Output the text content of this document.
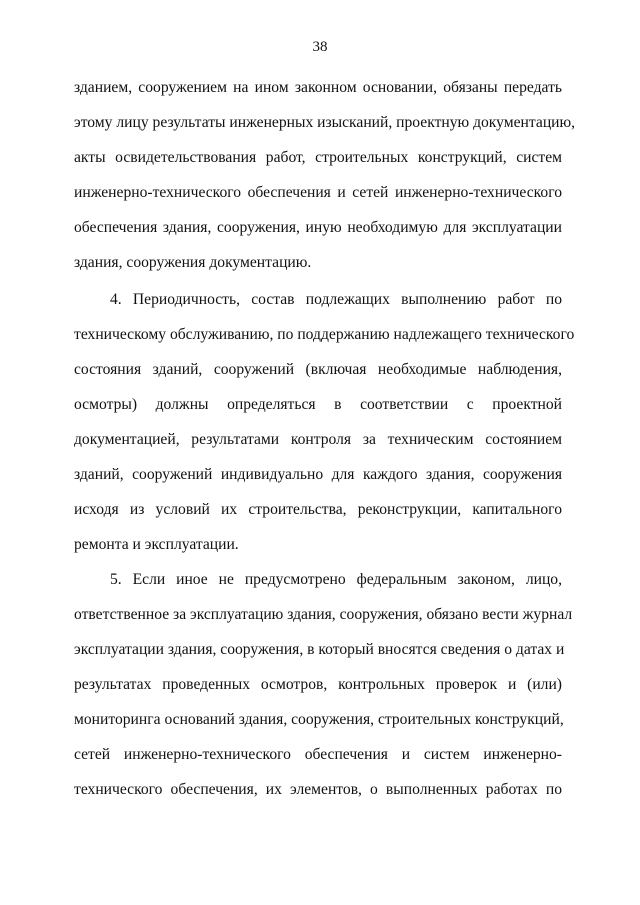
38
зданием, сооружением на ином законном основании, обязаны передать
этому лицу результаты инженерных изысканий, проектную документацию,
акты освидетельствования работ, строительных конструкций, систем
инженерно-технического обеспечения и сетей инженерно-технического
обеспечения здания, сооружения, иную необходимую для эксплуатации
здания, сооружения документацию.
4. Периодичность, состав подлежащих выполнению работ по
техническому обслуживанию, по поддержанию надлежащего технического
состояния зданий, сооружений (включая необходимые наблюдения,
осмотры) должны определяться в соответствии с проектной
документацией, результатами контроля за техническим состоянием
зданий, сооружений индивидуально для каждого здания, сооружения
исходя из условий их строительства, реконструкции, капитального
ремонта и эксплуатации.
5. Если иное не предусмотрено федеральным законом, лицо,
ответственное за эксплуатацию здания, сооружения, обязано вести журнал
эксплуатации здания, сооружения, в который вносятся сведения о датах и
результатах проведенных осмотров, контрольных проверок и (или)
мониторинга оснований здания, сооружения, строительных конструкций,
сетей инженерно-технического обеспечения и систем инженерно-
технического обеспечения, их элементов, о выполненных работах по
